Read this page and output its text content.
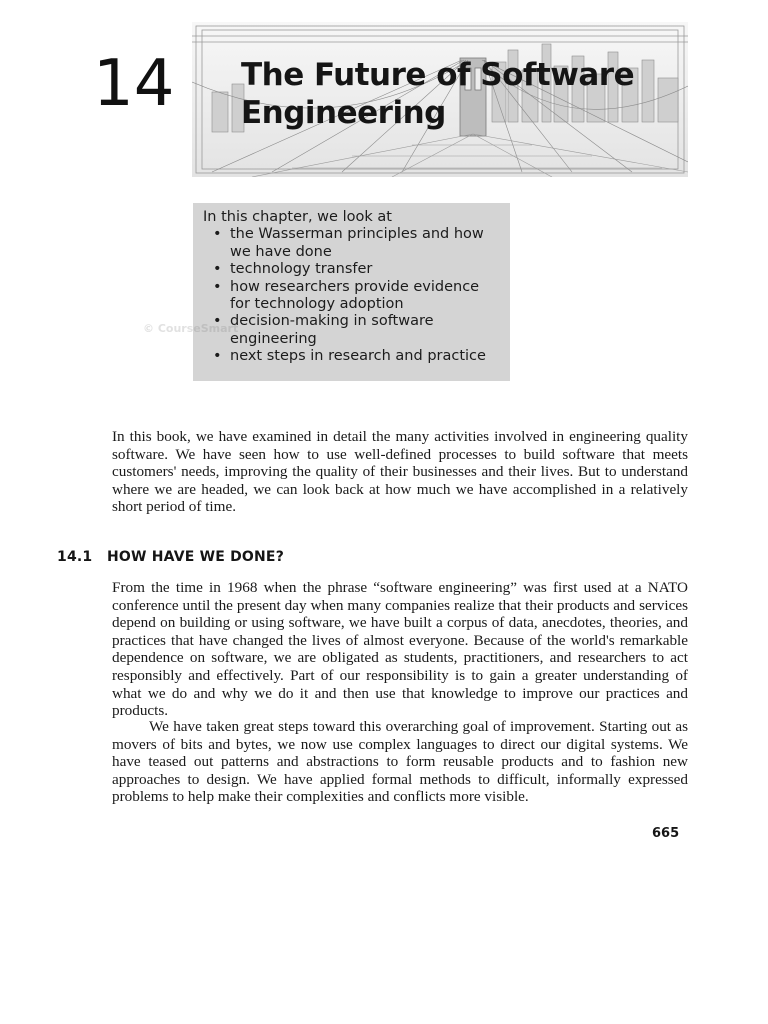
14 The Future of Software Engineering

In this chapter, we look at

• the Wasserman principles and how we have done
• technology transfer
• how researchers provide evidence for technology adoption
• decision-making in software engineering
• next steps in research and practice
© CourseSmart

In this book, we have examined in detail the many activities involved in engineering quality software. We have seen how to use well-defined processes to build software that meets customers' needs, improving the quality of their businesses and their lives. But to understand where we are headed, we can look back at how much we have accomplished in a relatively short period of time.

14.1 HOW HAVE WE DONE?

From the time in 1968 when the phrase “software engineering” was first used at a NATO conference until the present day when many companies realize that their products and services depend on building or using software, we have built a corpus of data, anecdotes, theories, and practices that have changed the lives of almost everyone. Because of the world's remarkable dependence on software, we are obligated as students, practitioners, and researchers to act responsibly and effectively. Part of our responsibility is to gain a greater understanding of what we do and why we do it and then use that knowledge to improve our practices and products.

We have taken great steps toward this overarching goal of improvement. Starting out as movers of bits and bytes, we now use complex languages to direct our digital systems. We have teased out patterns and abstractions to form reusable products and to fashion new approaches to design. We have applied formal methods to difficult, informally expressed problems to help make their complexities and conflicts more visible.

665
